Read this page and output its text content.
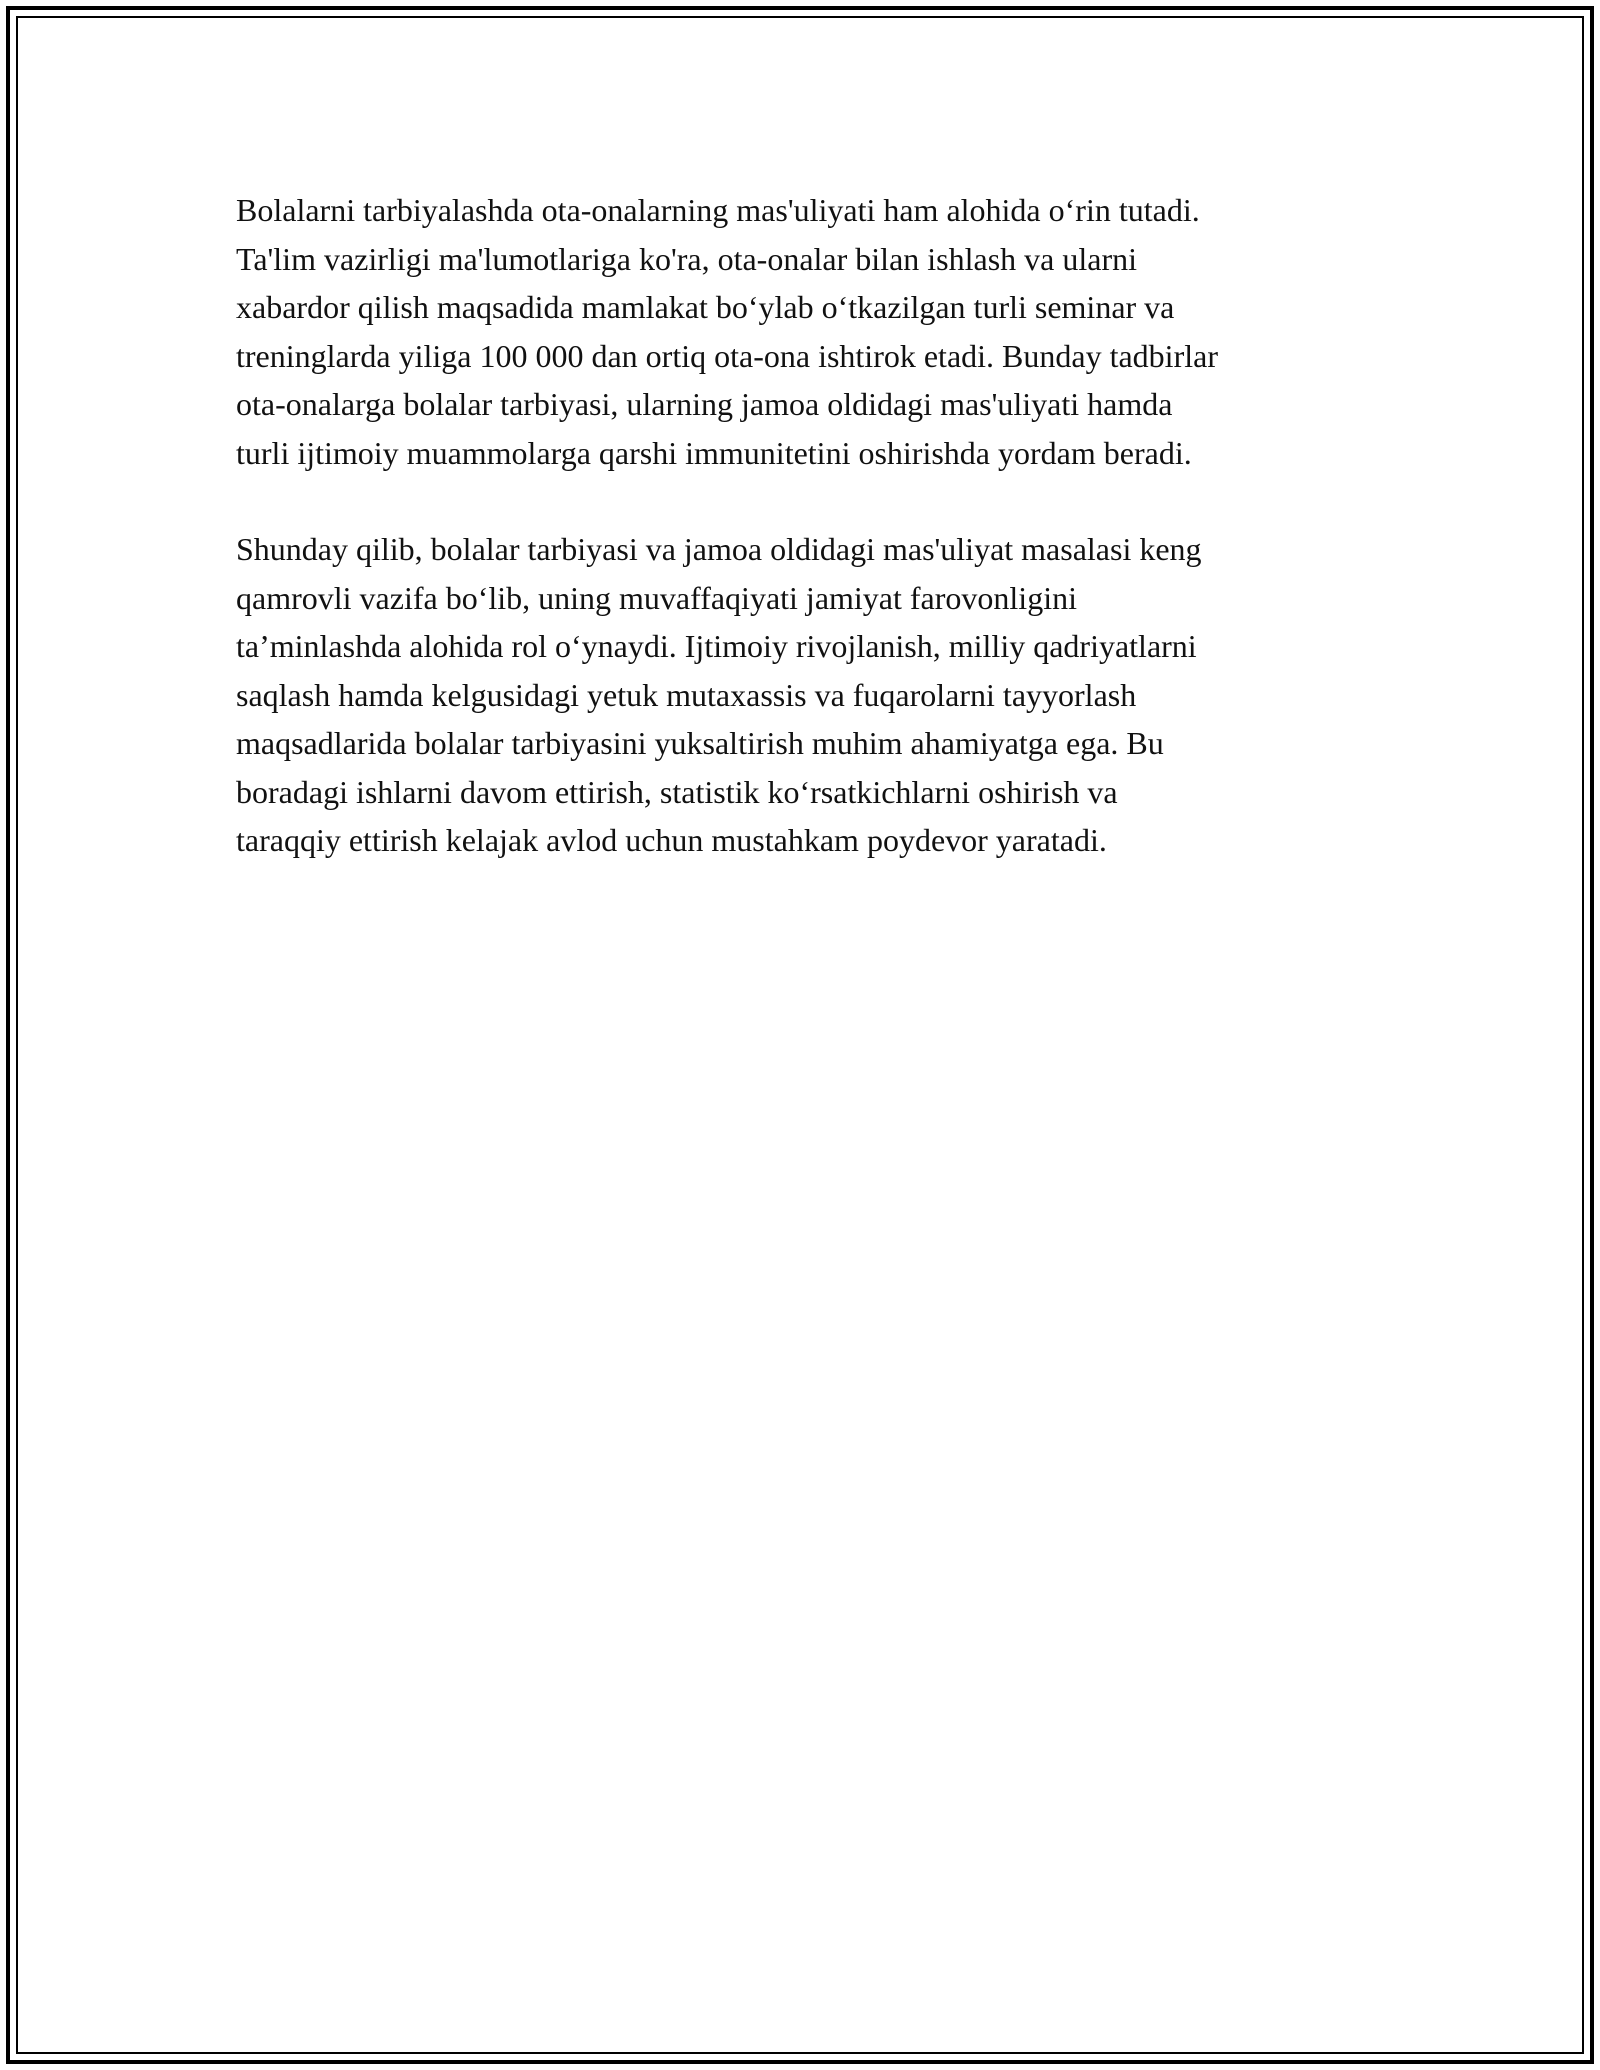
Bolalarni tarbiyalashda ota-onalarning mas'uliyati ham alohida o‘rin tutadi.
Ta'lim vazirligi ma'lumotlariga ko'ra, ota-onalar bilan ishlash va ularni
xabardor qilish maqsadida mamlakat bo‘ylab o‘tkazilgan turli seminar va
treninglarda yiliga 100 000 dan ortiq ota-ona ishtirok etadi. Bunday tadbirlar
ota-onalarga bolalar tarbiyasi, ularning jamoa oldidagi mas'uliyati hamda
turli ijtimoiy muammolarga qarshi immunitetini oshirishda yordam beradi.

Shunday qilib, bolalar tarbiyasi va jamoa oldidagi mas'uliyat masalasi keng
qamrovli vazifa bo‘lib, uning muvaffaqiyati jamiyat farovonligini
ta’minlashda alohida rol o‘ynaydi. Ijtimoiy rivojlanish, milliy qadriyatlarni
saqlash hamda kelgusidagi yetuk mutaxassis va fuqarolarni tayyorlash
maqsadlarida bolalar tarbiyasini yuksaltirish muhim ahamiyatga ega. Bu
boradagi ishlarni davom ettirish, statistik ko‘rsatkichlarni oshirish va
taraqqiy ettirish kelajak avlod uchun mustahkam poydevor yaratadi.
